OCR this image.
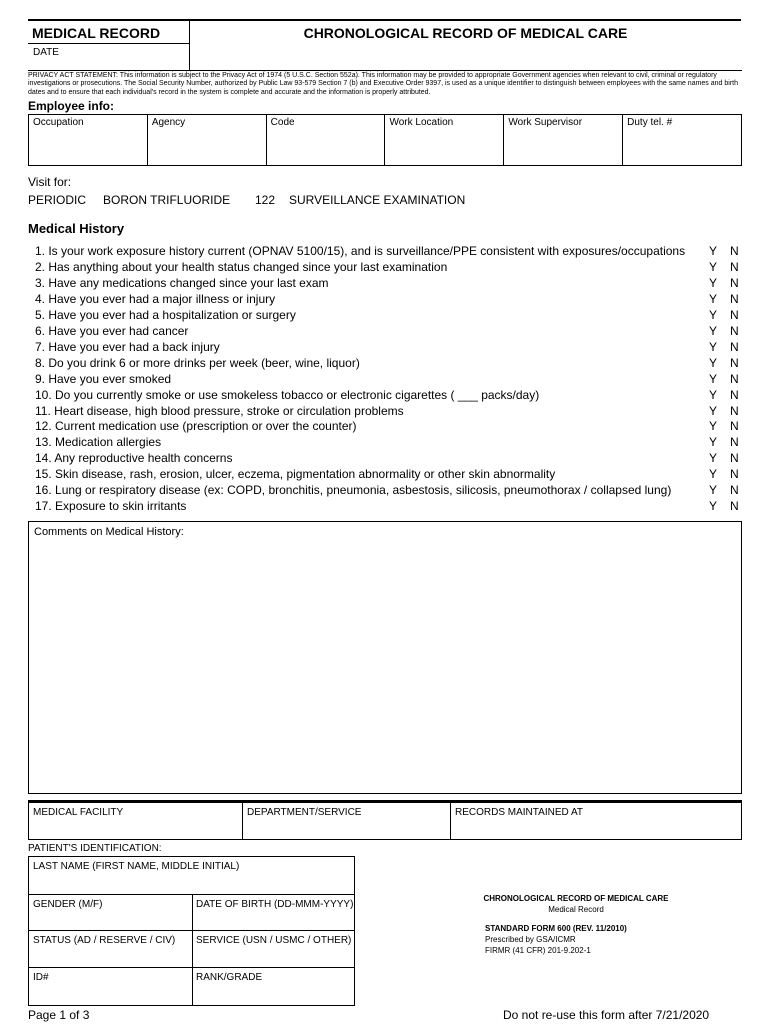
MEDICAL RECORD	CHRONOLOGICAL RECORD OF MEDICAL CARE
DATE
PRIVACY ACT STATEMENT: This information is subject to the Privacy Act of 1974 (5 U.S.C. Section 552a). This information may be provided to appropriate Government agencies when relevant to civil, criminal or regulatory investigations or prosecutions. The Social Security Number, authorized by Public Law 93-579 Section 7 (b) and Executive Order 9397, is used as a unique identifier to distinguish between employees with the same names and birth dates and to ensure that each individual's record in the system is complete and accurate and the information is properly attributed.
Employee info:
Occupation	Agency	Code	Work Location	Work Supervisor	Duty tel. #
Visit for:
PERIODIC BORON TRIFLUORIDE 122 SURVEILLANCE EXAMINATION
Medical History
1. Is your work exposure history current (OPNAV 5100/15), and is surveillance/PPE consistent with exposures/occupations Y N
2. Has anything about your health status changed since your last examination	Y N
3. Have any medications changed since your last exam	Y N
4. Have you ever had a major illness or injury	Y N
5. Have you ever had a hospitalization or surgery	Y N
6. Have you ever had cancer	Y N
7. Have you ever had a back injury	Y N
8. Do you drink 6 or more drinks per week (beer, wine, liquor)	Y N
9. Have you ever smoked	Y N
10. Do you currently smoke or use smokeless tobacco or electronic cigarettes ( ___ packs/day)	Y N
11. Heart disease, high blood pressure, stroke or circulation problems	Y N
12. Current medication use (prescription or over the counter)	Y N
13. Medication allergies	Y N
14. Any reproductive health concerns	Y N
15. Skin disease, rash, erosion, ulcer, eczema, pigmentation abnormality or other skin abnormality	Y N
16. Lung or respiratory disease (ex: COPD, bronchitis, pneumonia, asbestosis, silicosis, pneumothorax / collapsed lung)	Y N
17. Exposure to skin irritants	Y N
Comments on Medical History:
MEDICAL FACILITY	DEPARTMENT/SERVICE	RECORDS MAINTAINED AT
PATIENT'S IDENTIFICATION:
LAST NAME (FIRST NAME, MIDDLE INITIAL)
GENDER (M/F)	DATE OF BIRTH (DD-MMM-YYYY)
STATUS (AD / RESERVE / CIV) SERVICE (USN / USMC / OTHER)
ID#	RANK/GRADE
CHRONOLOGICAL RECORD OF MEDICAL CARE
Medical Record
STANDARD FORM 600 (REV. 11/2010)
Prescribed by GSA/ICMR
FIRMR (41 CFR) 201-9.202-1
Page 1 of 3	Do not re-use this form after 7/21/2020
